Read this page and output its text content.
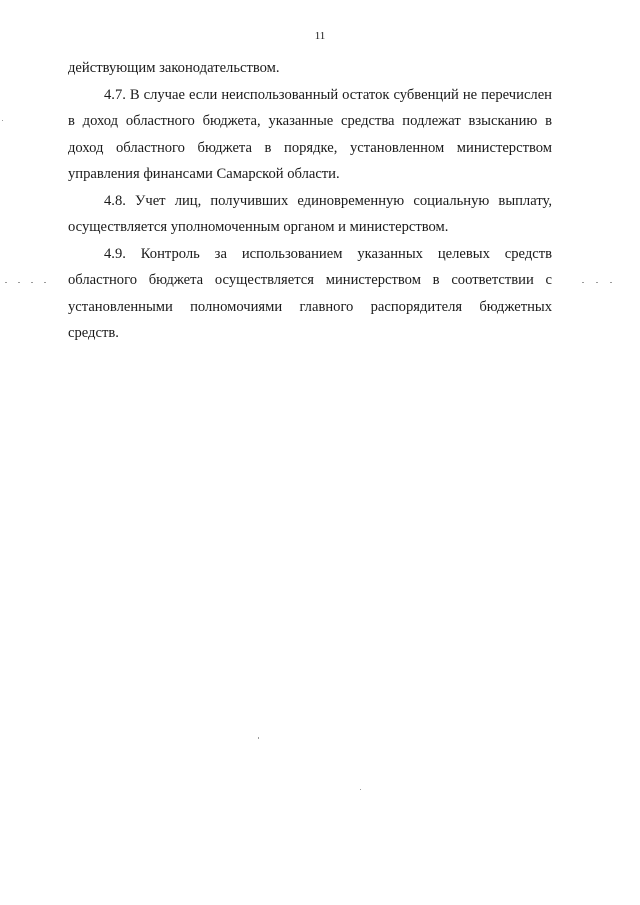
11

действующим законодательством.

4.7. В случае если неиспользованный остаток субвенций не перечислен в доход областного бюджета, указанные средства подлежат взысканию в доход областного бюджета в порядке, установленном министерством управления финансами Самарской области.

4.8. Учет лиц, получивших единовременную социальную выплату, осуществляется уполномоченным органом и министерством.

4.9. Контроль за использованием указанных целевых средств областного бюджета осуществляется министерством в соответствии с установленными полномочиями главного распорядителя бюджетных средств.
